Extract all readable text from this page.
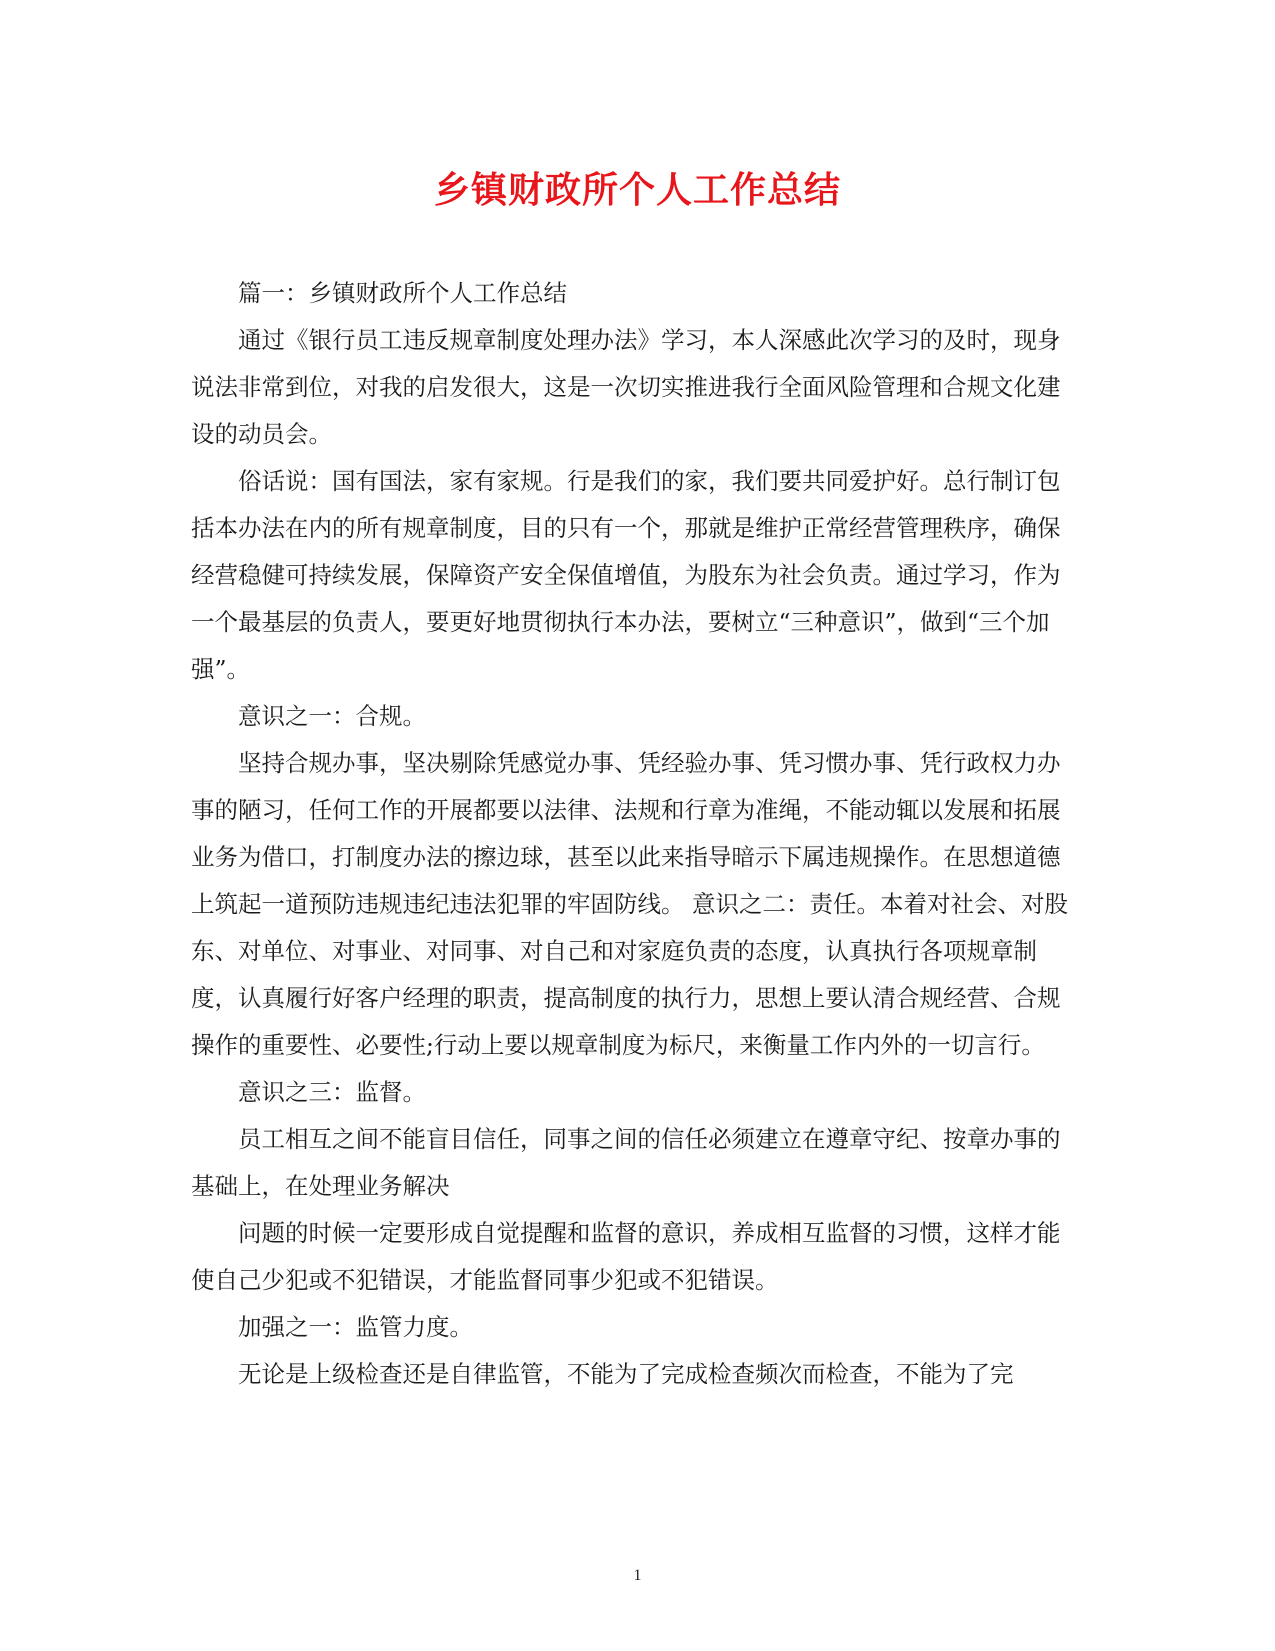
乡镇财政所个人工作总结

篇一：乡镇财政所个人工作总结

通过《银行员工违反规章制度处理办法》学习，本人深感此次学习的及时，现身说法非常到位，对我的启发很大，这是一次切实推进我行全面风险管理和合规文化建设的动员会。

俗话说：国有国法，家有家规。行是我们的家，我们要共同爱护好。总行制订包括本办法在内的所有规章制度，目的只有一个，那就是维护正常经营管理秩序，确保经营稳健可持续发展，保障资产安全保值增值，为股东为社会负责。通过学习，作为一个最基层的负责人，要更好地贯彻执行本办法，要树立“三种意识”，做到“三个加强”。

意识之一：合规。

坚持合规办事，坚决剔除凭感觉办事、凭经验办事、凭习惯办事、凭行政权力办事的陋习，任何工作的开展都要以法律、法规和行章为准绳，不能动辄以发展和拓展业务为借口，打制度办法的擦边球，甚至以此来指导暗示下属违规操作。在思想道德上筑起一道预防违规违纪违法犯罪的牢固防线。 意识之二：责任。本着对社会、对股东、对单位、对事业、对同事、对自己和对家庭负责的态度，认真执行各项规章制度，认真履行好客户经理的职责，提高制度的执行力，思想上要认清合规经营、合规操作的重要性、必要性;行动上要以规章制度为标尺，来衡量工作内外的一切言行。

意识之三：监督。

员工相互之间不能盲目信任，同事之间的信任必须建立在遵章守纪、按章办事的基础上，在处理业务解决

问题的时候一定要形成自觉提醒和监督的意识，养成相互监督的习惯，这样才能使自己少犯或不犯错误，才能监督同事少犯或不犯错误。

加强之一：监管力度。

无论是上级检查还是自律监管，不能为了完成检查频次而检查，不能为了完

1
